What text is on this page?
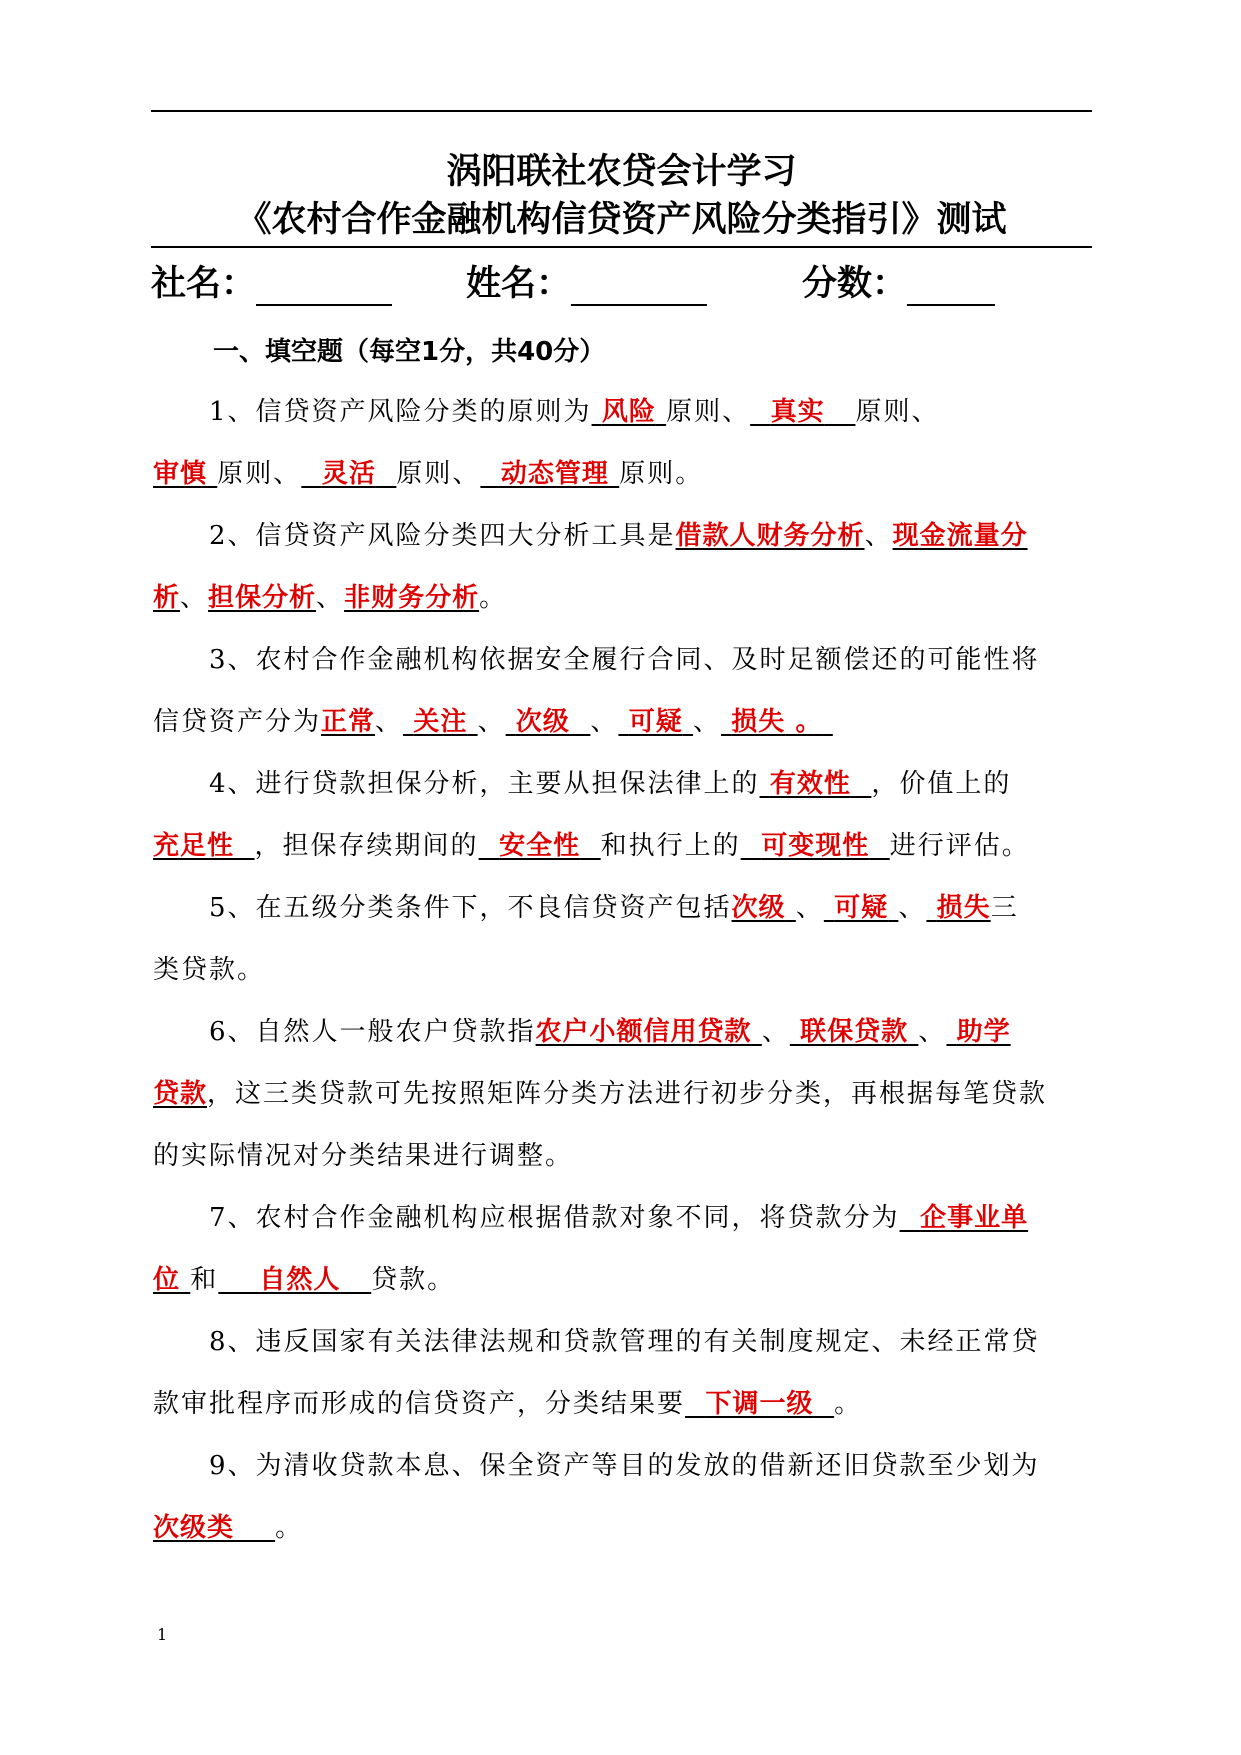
涡阳联社农贷会计学习
《农村合作金融机构信贷资产风险分类指引》测试
社名：	姓名：	分数：
一、填空题（每空1分，共40分）
1、信贷资产风险分类的原则为 风险 原则、 真实 原则、
审慎 原则、 灵活 原则、 动态管理 原则。
2、信贷资产风险分类四大分析工具是借款人财务分析、现金流量分
析、担保分析、非财务分析。
3、农村合作金融机构依据安全履行合同、及时足额偿还的可能性将
信贷资产分为正常、 关注 、 次级 、 可疑 、 损失 。
4、进行贷款担保分析，主要从担保法律上的 有效性 ，价值上的
充足性 ，担保存续期间的 安全性 和执行上的 可变现性 进行评估。
5、在五级分类条件下，不良信贷资产包括次级 、 可疑 、 损失三
类贷款。
6、自然人一般农户贷款指农户小额信用贷款 、 联保贷款 、 助学
贷款，这三类贷款可先按照矩阵分类方法进行初步分类，再根据每笔贷款
的实际情况对分类结果进行调整。
7、农村合作金融机构应根据借款对象不同，将贷款分为 企事业单
位 和 自然人 贷款。
8、违反国家有关法律法规和贷款管理的有关制度规定、未经正常贷
款审批程序而形成的信贷资产，分类结果要 下调一级 。
9、为清收贷款本息、保全资产等目的发放的借新还旧贷款至少划为
次级类 。
1
